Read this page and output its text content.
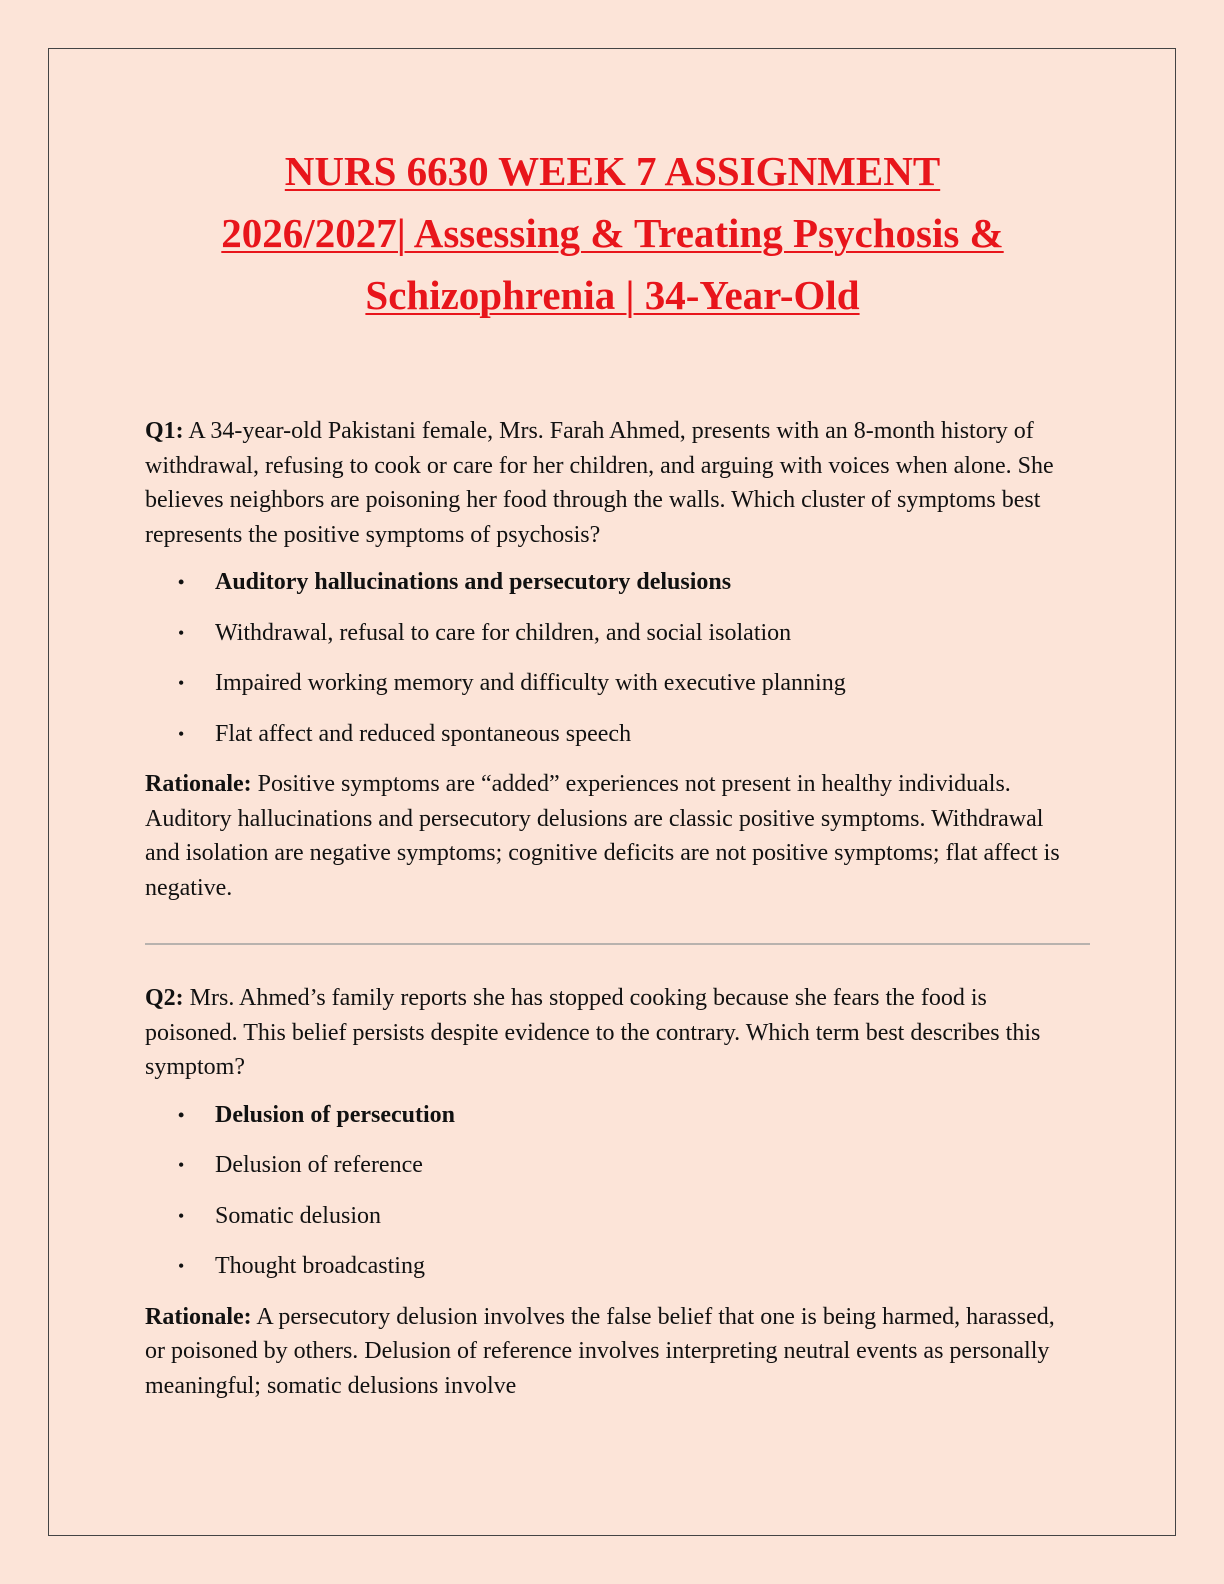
NURS 6630 WEEK 7 ASSIGNMENT
2026/2027| Assessing & Treating Psychosis &
Schizophrenia | 34-Year-Old

Q1: A 34-year-old Pakistani female, Mrs. Farah Ahmed, presents with an 8-month history of withdrawal, refusing to cook or care for her children, and arguing with voices when alone. She believes neighbors are poisoning her food through the walls. Which cluster of symptoms best represents the positive symptoms of psychosis?

• Auditory hallucinations and persecutory delusions
• Withdrawal, refusal to care for children, and social isolation
• Impaired working memory and difficulty with executive planning
• Flat affect and reduced spontaneous speech

Rationale: Positive symptoms are “added” experiences not present in healthy individuals. Auditory hallucinations and persecutory delusions are classic positive symptoms. Withdrawal and isolation are negative symptoms; cognitive deficits are not positive symptoms; flat affect is negative.

Q2: Mrs. Ahmed’s family reports she has stopped cooking because she fears the food is poisoned. This belief persists despite evidence to the contrary. Which term best describes this symptom?

• Delusion of persecution
• Delusion of reference
• Somatic delusion
• Thought broadcasting

Rationale: A persecutory delusion involves the false belief that one is being harmed, harassed, or poisoned by others. Delusion of reference involves interpreting neutral events as personally meaningful; somatic delusions involve
